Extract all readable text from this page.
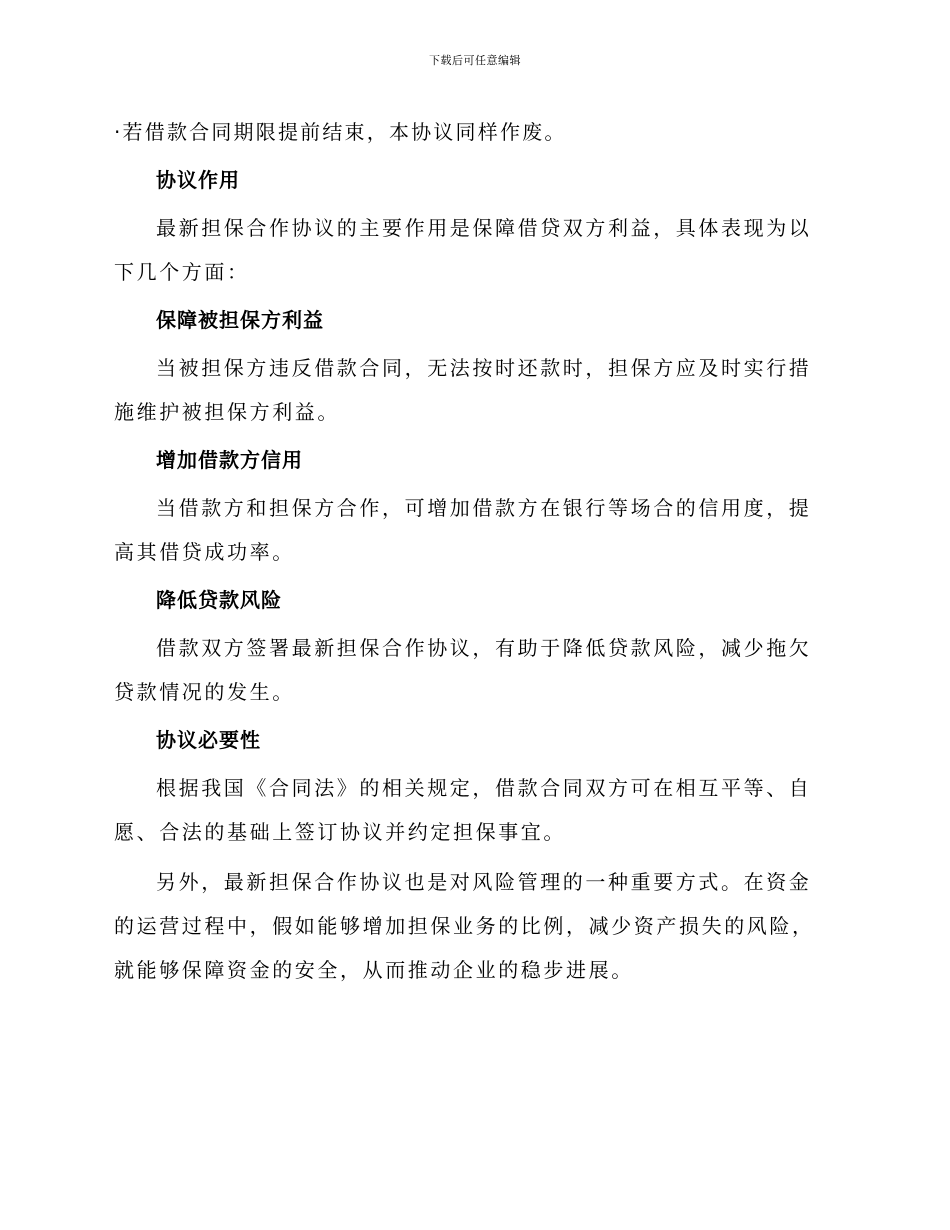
下载后可任意编辑

·若借款合同期限提前结束，本协议同样作废。

协议作用

最新担保合作协议的主要作用是保障借贷双方利益，具体表现为以下几个方面：

保障被担保方利益

当被担保方违反借款合同，无法按时还款时，担保方应及时实行措施维护被担保方利益。

增加借款方信用

当借款方和担保方合作，可增加借款方在银行等场合的信用度，提高其借贷成功率。

降低贷款风险

借款双方签署最新担保合作协议，有助于降低贷款风险，减少拖欠贷款情况的发生。

协议必要性

根据我国《合同法》的相关规定，借款合同双方可在相互平等、自愿、合法的基础上签订协议并约定担保事宜。

另外，最新担保合作协议也是对风险管理的一种重要方式。在资金的运营过程中，假如能够增加担保业务的比例，减少资产损失的风险，就能够保障资金的安全，从而推动企业的稳步进展。
